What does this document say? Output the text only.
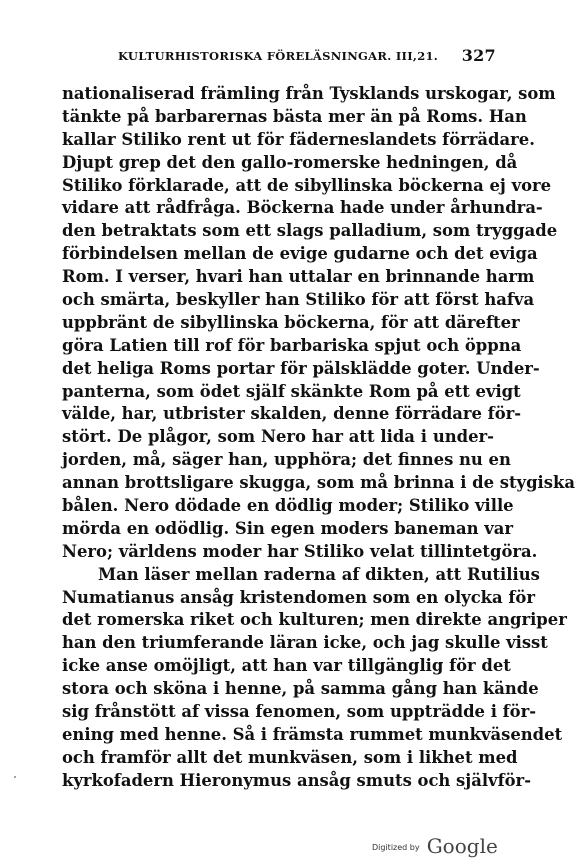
KULTURHISTORISKA FÖRELÄSNINGAR. III,21. 327
nationaliserad främling från Tysklands urskogar, som
tänkte på barbarernas bästa mer än på Roms. Han
kallar Stiliko rent ut för fäderneslandets förrädare.
Djupt grep det den gallo-romerske hedningen, då
Stiliko förklarade, att de sibyllinska böckerna ej vore
vidare att rådfråga. Böckerna hade under århundra-
den betraktats som ett slags palladium, som tryggade
förbindelsen mellan de evige gudarne och det eviga
Rom. I verser, hvari han uttalar en brinnande harm
och smärta, beskyller han Stiliko för att först hafva
uppbränt de sibyllinska böckerna, för att därefter
göra Latien till rof för barbariska spjut och öppna
det heliga Roms portar för pälsklädde goter. Under-
panterna, som ödet själf skänkte Rom på ett evigt
välde, har, utbrister skalden, denne förrädare för-
stört. De plågor, som Nero har att lida i under-
jorden, må, säger han, upphöra; det finnes nu en
annan brottsligare skugga, som må brinna i de stygiska
bålen. Nero dödade en dödlig moder; Stiliko ville
mörda en odödlig. Sin egen moders baneman var
Nero; världens moder har Stiliko velat tillintetgöra.
Man läser mellan raderna af dikten, att Rutilius
Numatianus ansåg kristendomen som en olycka för
det romerska riket och kulturen; men direkte angriper
han den triumferande läran icke, och jag skulle visst
icke anse omöjligt, att han var tillgänglig för det
stora och sköna i henne, på samma gång han kände
sig frånstött af vissa fenomen, som uppträdde i för-
ening med henne. Så i främsta rummet munkväsendet
och framför allt det munkväsen, som i likhet med
kyrkofadern Hieronymus ansåg smuts och självför-
Digitized by Google
